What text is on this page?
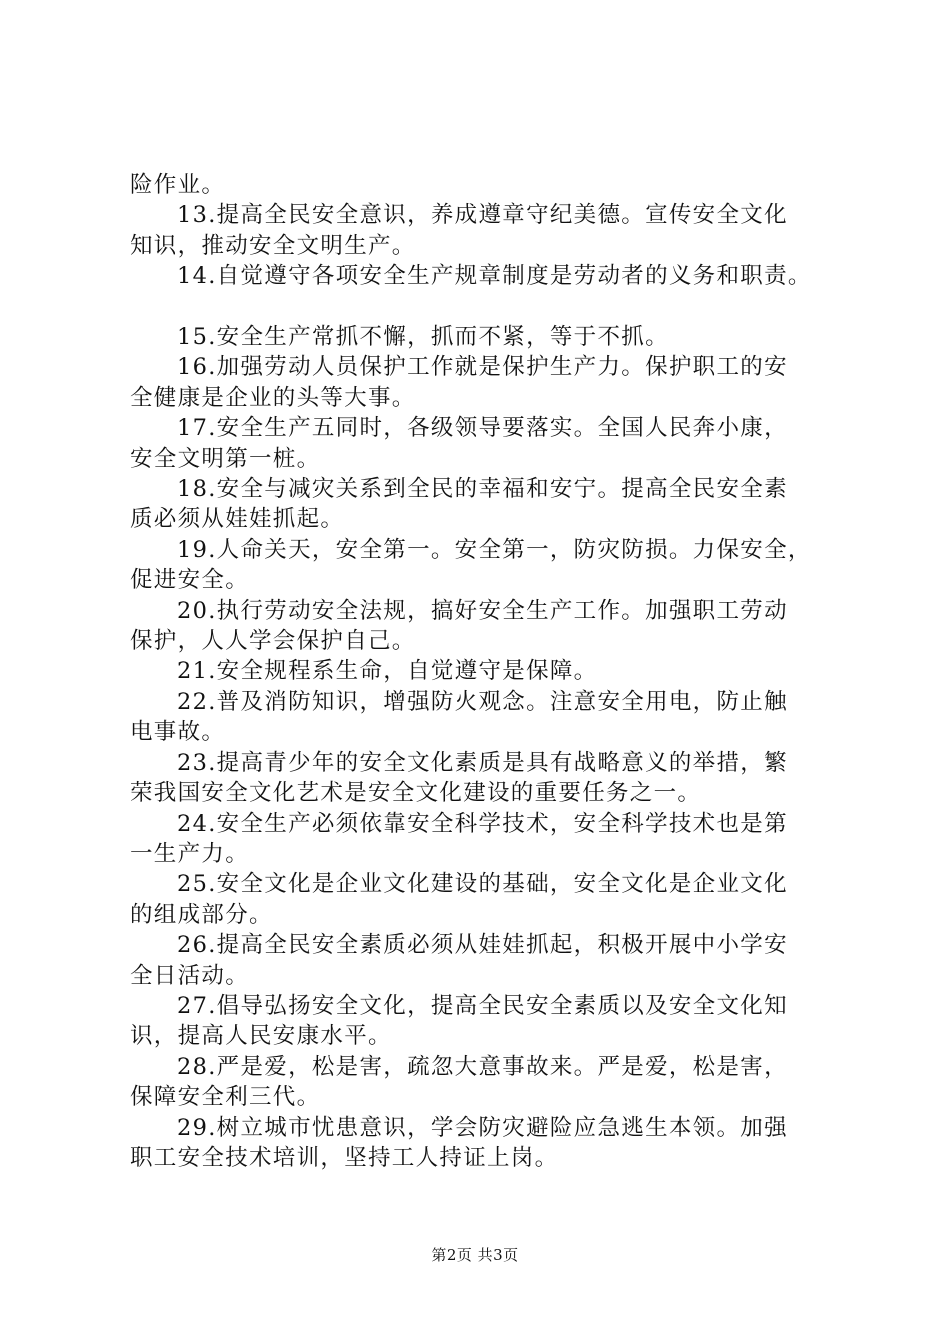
险作业。
13.提高全民安全意识，养成遵章守纪美德。宣传安全文化
知识，推动安全文明生产。
14.自觉遵守各项安全生产规章制度是劳动者的义务和职责。
15.安全生产常抓不懈，抓而不紧，等于不抓。
16.加强劳动人员保护工作就是保护生产力。保护职工的安
全健康是企业的头等大事。
17.安全生产五同时，各级领导要落实。全国人民奔小康，
安全文明第一桩。
18.安全与减灾关系到全民的幸福和安宁。提高全民安全素
质必须从娃娃抓起。
19.人命关天，安全第一。安全第一，防灾防损。力保安全，
促进安全。
20.执行劳动安全法规，搞好安全生产工作。加强职工劳动
保护，人人学会保护自己。
21.安全规程系生命，自觉遵守是保障。
22.普及消防知识，增强防火观念。注意安全用电，防止触
电事故。
23.提高青少年的安全文化素质是具有战略意义的举措，繁
荣我国安全文化艺术是安全文化建设的重要任务之一。
24.安全生产必须依靠安全科学技术，安全科学技术也是第
一生产力。
25.安全文化是企业文化建设的基础，安全文化是企业文化
的组成部分。
26.提高全民安全素质必须从娃娃抓起，积极开展中小学安
全日活动。
27.倡导弘扬安全文化，提高全民安全素质以及安全文化知
识，提高人民安康水平。
28.严是爱，松是害，疏忽大意事故来。严是爱，松是害，
保障安全利三代。
29.树立城市忧患意识，学会防灾避险应急逃生本领。加强
职工安全技术培训，坚持工人持证上岗。
第2页 共3页
